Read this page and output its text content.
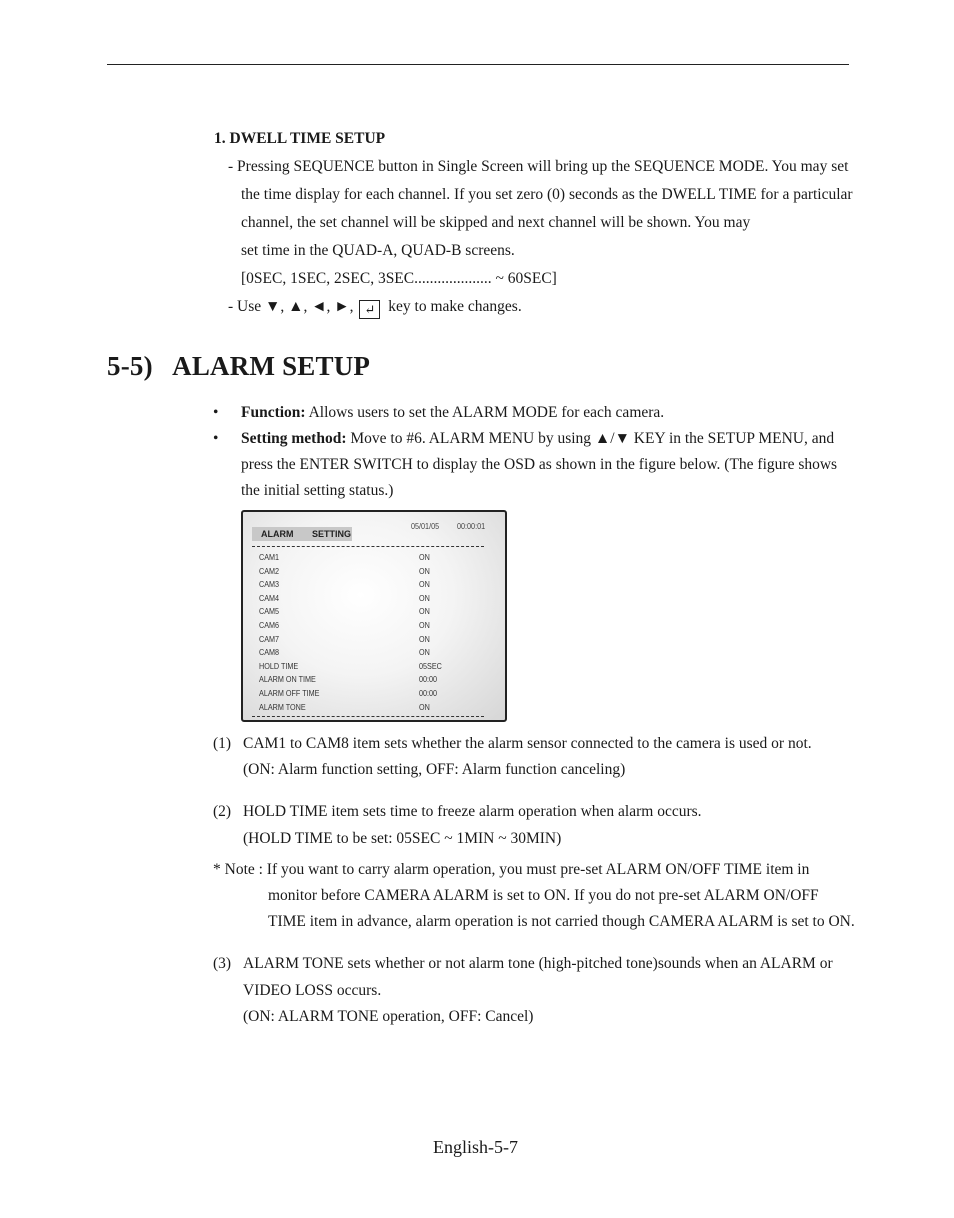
1. DWELL TIME SETUP
- Pressing SEQUENCE button in Single Screen will bring up the SEQUENCE MODE. You may set
the time display for each channel. If you set zero (0) seconds as the DWELL TIME for a particular
channel, the set channel will be skipped and next channel will be shown. You may
set time in the QUAD-A, QUAD-B screens.
[0SEC, 1SEC, 2SEC, 3SEC.................... ~ 60SEC]
- Use ▼, ▲, ◄, ►, ↵ key to make changes.
5-5)   ALARM SETUP
• Function: Allows users to set the ALARM MODE for each camera.
• Setting method: Move to #6. ALARM MENU by using ▲/▼ KEY in the SETUP MENU, and
press the ENTER SWITCH to display the OSD as shown in the figure below. (The figure shows
the initial setting status.)
ALARM SETTING
05/01/05 00:00:01
CAM1	ON
CAM2	ON
CAM3	ON
CAM4	ON
CAM5	ON
CAM6	ON
CAM7	ON
CAM8	ON
HOLD TIME	05SEC
ALARM ON TIME	00:00
ALARM OFF TIME	00:00
ALARM TONE	ON
(1) CAM1 to CAM8 item sets whether the alarm sensor connected to the camera is used or not.
(ON: Alarm function setting, OFF: Alarm function canceling)
(2) HOLD TIME item sets time to freeze alarm operation when alarm occurs.
(HOLD TIME to be set: 05SEC ~ 1MIN ~ 30MIN)
* Note : If you want to carry alarm operation, you must pre-set ALARM ON/OFF TIME item in
monitor before CAMERA ALARM is set to ON. If you do not pre-set ALARM ON/OFF
TIME item in advance, alarm operation is not carried though CAMERA ALARM is set to ON.
(3) ALARM TONE sets whether or not alarm tone (high-pitched tone)sounds when an ALARM or
VIDEO LOSS occurs.
(ON: ALARM TONE operation, OFF: Cancel)
English-5-7
